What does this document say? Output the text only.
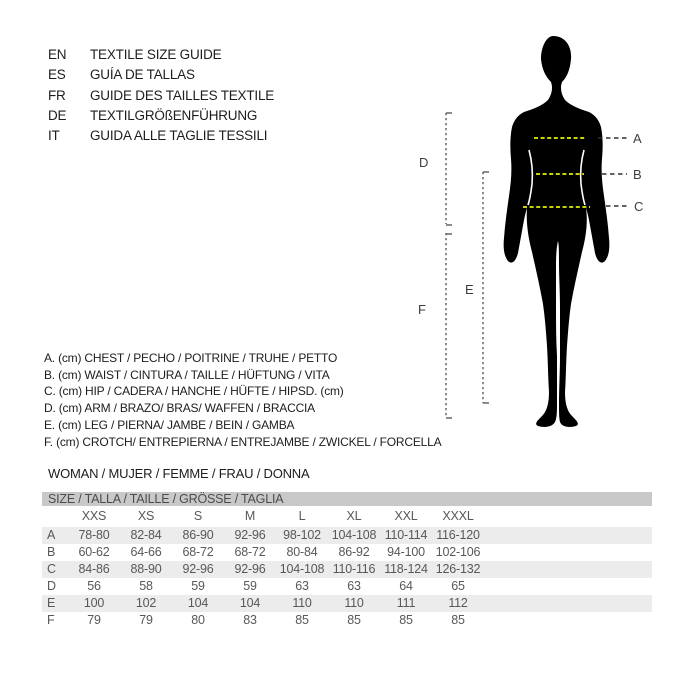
EN	TEXTILE SIZE GUIDE
ES	GUÍA DE TALLAS
FR	GUIDE DES TAILLES TEXTILE
DE	TEXTILGRÖßENFÜHRUNG
IT	GUIDA ALLE TAGLIE TESSILI	A
B
C
D
E
F
A. (cm) CHEST / PECHO / POITRINE / TRUHE / PETTO
B. (cm) WAIST / CINTURA / TAILLE / HÜFTUNG / VITA
C. (cm) HIP / CADERA / HANCHE / HÜFTE / HIPSD. (cm)
D. (cm) ARM / BRAZO/ BRAS/ WAFFEN / BRACCIA
E. (cm) LEG / PIERNA/ JAMBE / BEIN / GAMBA
F. (cm) CROTCH/ ENTREPIERNA / ENTREJAMBE / ZWICKEL / FORCELLA
WOMAN / MUJER / FEMME / FRAU / DONNA
SIZE / TALLA / TAILLE / GRÖSSE / TAGLIA
XXS	XS	S	M	L	XL	XXL	XXXL
A	78-80	82-84	86-90	92-96	98-102 104-108 110-114 116-120
B	60-62	64-66	68-72	68-72	80-84	86-92	94-100 102-106
C	84-86	88-90	92-96	92-96	104-108 110-116 118-124 126-132
D	56	58	59	59	63	63	64	65
E	100	102	104	104	110	110	111	112
F	79	79	80	83	85	85	85	85
